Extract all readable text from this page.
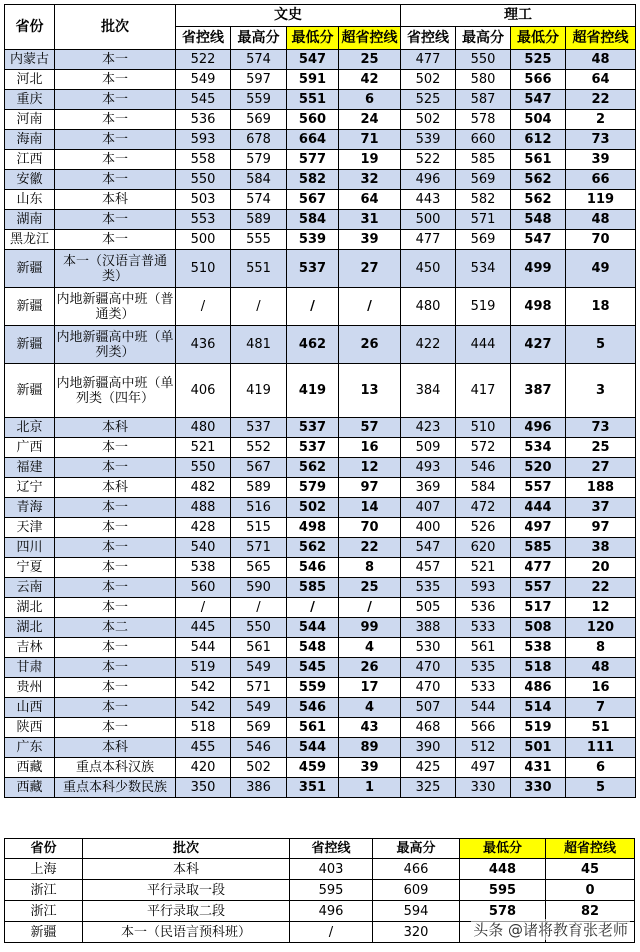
省份	批次	文史				理工			
		省控线	最高分	最低分	超省控线	省控线	最高分	最低分	超省控线
内蒙古	本一	522	574	547	25	477	550	525	48
河北	本一	549	597	591	42	502	580	566	64
重庆	本一	545	559	551	6	525	587	547	22
河南	本一	536	569	560	24	502	578	504	2
海南	本一	593	678	664	71	539	660	612	73
江西	本一	558	579	577	19	522	585	561	39
安徽	本一	550	584	582	32	496	569	562	66
山东	本科	503	574	567	64	443	582	562	119
湖南	本一	553	589	584	31	500	571	548	48
黑龙江	本一	500	555	539	39	477	569	547	70
新疆	本一（汉语言普通类）	510	551	537	27	450	534	499	49
新疆	内地新疆高中班（普通类）	/	/	/	/	480	519	498	18
新疆	内地新疆高中班（单列类）	436	481	462	26	422	444	427	5
新疆	内地新疆高中班（单列类（四年）	406	419	419	13	384	417	387	3
北京	本科	480	537	537	57	423	510	496	73
广西	本一	521	552	537	16	509	572	534	25
福建	本一	550	567	562	12	493	546	520	27
辽宁	本科	482	589	579	97	369	584	557	188
青海	本一	488	516	502	14	407	472	444	37
天津	本一	428	515	498	70	400	526	497	97
四川	本一	540	571	562	22	547	620	585	38
宁夏	本一	538	565	546	8	457	521	477	20
云南	本一	560	590	585	25	535	593	557	22
湖北	本一	/	/	/	/	505	536	517	12
湖北	本二	445	550	544	99	388	533	508	120
吉林	本一	544	561	548	4	530	561	538	8
甘肃	本一	519	549	545	26	470	535	518	48
贵州	本一	542	571	559	17	470	533	486	16
山西	本一	542	549	546	4	507	544	514	7
陕西	本一	518	569	561	43	468	566	519	51
广东	本科	455	546	544	89	390	512	501	111
西藏	重点本科汉族	420	502	459	39	425	497	431	6
西藏	重点本科少数民族	350	386	351	1	325	330	330	5
省份	批次	省控线	最高分	最低分	超省控线
上海	本科	403	466	448	45
浙江	平行录取一段	595	609	595	0
浙江	平行录取二段	496	594	578	82
新疆	本一（民语言预科班）	/	320			头条 @诸将教育张老师
